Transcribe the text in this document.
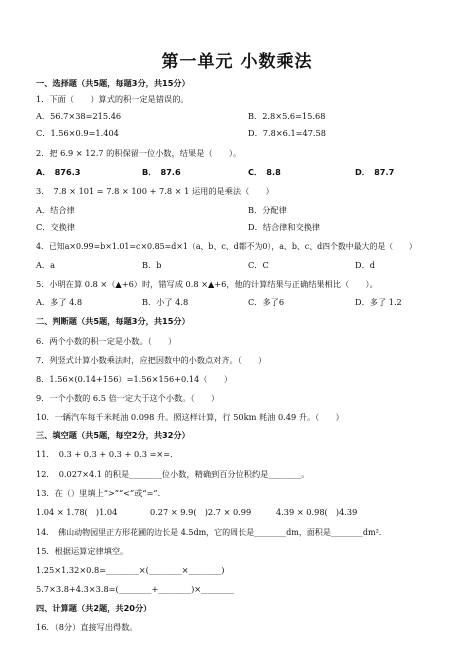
第一单元 小数乘法
一、选择题（共5题，每题3分，共15分）
1．下面（　　）算式的积一定是错误的。
A．56.7×38=215.46	B．2.8×5.6=15.68
C．1.56×0.9=1.404	D．7.8×6.1=47.58
2．把 6.9 × 12.7 的积保留一位小数，结果是（　　）。
A．　876.3	B．　87.6	C．　8.8	D．　87.7
3．　7.8 × 101 = 7.8 × 100 + 7.8 × 1 运用的是乘法（　　）
A．结合律	B．分配律
C．交换律	D．结合律和交换律
4．已知a×0.99=b×1.01=c×0.85=d×1（a、b、c、d都不为0），a、b、c、d四个数中最大的是（　　）
A．a	B．b	C．C	D．d
5．小明在算 0.8 ×（▲+6）时，错写成 0.8 ×▲+6，他的计算结果与正确结果相比（　　）。
A．多了 4.8	B．小了 4.8	C．多了6	D．多了 1.2
二、判断题（共5题，每题3分，共15分）
6．两个小数的积一定是小数。（　　）
7．列竖式计算小数乘法时，应把因数中的小数点对齐。（　　）
8．1.56×(0.14+156）=1.56×156+0.14（　　）
9．一个小数的 6.5 倍一定大于这个小数。（　　）
10．一辆汽车每千米耗油 0.098 升。照这样计算，行 50km 耗油 0.49 升。（　　）
三、填空题（共5题，每空2分，共32分）
11．　0.3 + 0.3 + 0.3 + 0.3 =×=.
12．　0.027×4.1 的积是________位小数，精确到百分位积约是________。
13．在（）里填上“>”“<”或“=”.
1.04 × 1.78(　)1.04	0.27 × 9.9(　)2.7 × 0.99	4.39 × 0.98(　)4.39
14．　佛山动物园里正方形花圃的边长是 4.5dm，它的周长是________dm，面积是________dm².
15．根据运算定律填空。
1.25×1.32×0.8=________×(________×________)
5.7×3.8+4.3×3.8=(________+________)×________
四、计算题（共2题，共20分）
16．（8分）直接写出得数。
